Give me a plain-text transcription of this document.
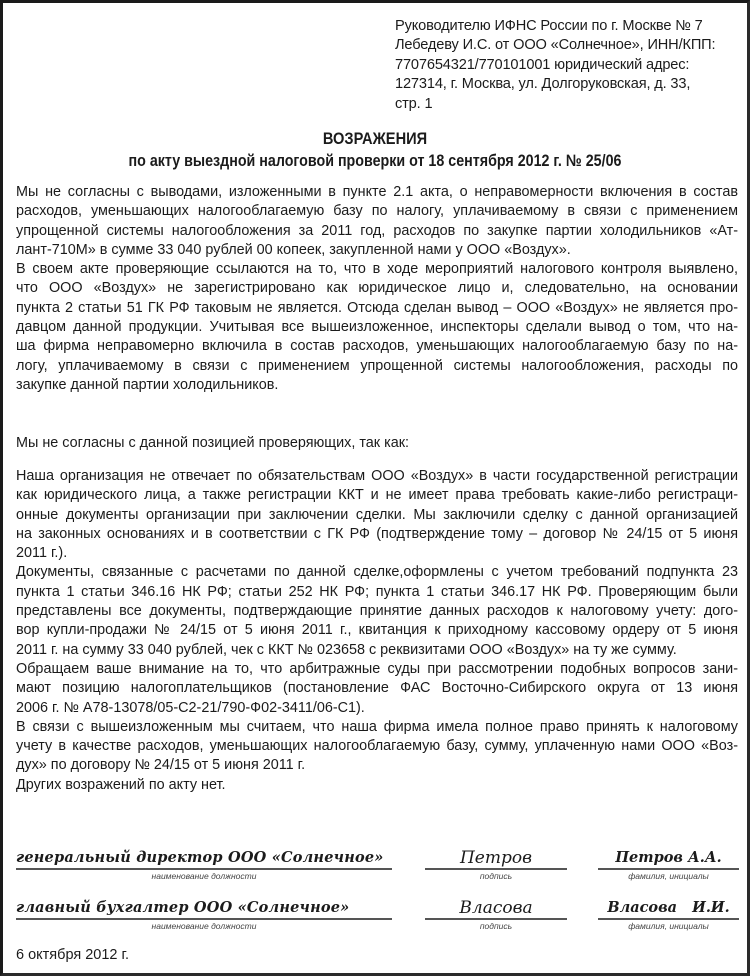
Руководителю ИФНС России по г. Москве № 7
Лебедеву И.С. от ООО «Солнечное», ИНН/КПП:
7707654321/770101001 юридический адрес:
127314, г. Москва, ул. Долгоруковская, д. 33,
стр. 1
ВОЗРАЖЕНИЯ
по акту выездной налоговой проверки от 18 сентября 2012 г. № 25/06
Мы не согласны с выводами, изложенными в пункте 2.1 акта, о неправомерности включения в состав
расходов, уменьшающих налогооблагаемую базу по налогу, уплачиваемому в связи с применением
упрощенной системы налогообложения за 2011 год, расходов по закупке партии холодильников «Ат-
лант-710М» в сумме 33 040 рублей 00 копеек, закупленной нами у ООО «Воздух».
В своем акте проверяющие ссылаются на то, что в ходе мероприятий налогового контроля выявлено,
что ООО «Воздух» не зарегистрировано как юридическое лицо и, следовательно, на основании
пункта 2 статьи 51 ГК РФ таковым не является. Отсюда сделан вывод – ООО «Воздух» не является про-
давцом данной продукции. Учитывая все вышеизложенное, инспекторы сделали вывод о том, что на-
ша фирма неправомерно включила в состав расходов, уменьшающих налогооблагаемую базу по на-
логу, уплачиваемому в связи с применением упрощенной системы налогообложения, расходы по
закупке данной партии холодильников.
Мы не согласны с данной позицией проверяющих, так как:
Наша организация не отвечает по обязательствам ООО «Воздух» в части государственной регистрации
как юридического лица, а также регистрации ККТ и не имеет права требовать какие-либо регистраци-
онные документы организации при заключении сделки. Мы заключили сделку с данной организацией
на законных основаниях и в соответствии с ГК РФ (подтверждение тому – договор № 24/15 от 5 июня
2011 г.).
Документы, связанные с расчетами по данной сделке,оформлены с учетом требований подпункта 23
пункта 1 статьи 346.16 НК РФ; статьи 252 НК РФ; пункта 1 статьи 346.17 НК РФ. Проверяющим были
представлены все документы, подтверждающие принятие данных расходов к налоговому учету: дого-
вор купли-продажи № 24/15 от 5 июня 2011 г., квитанция к приходному кассовому ордеру от 5 июня
2011 г. на сумму 33 040 рублей, чек с ККТ № 023658 с реквизитами ООО «Воздух» на ту же сумму.
Обращаем ваше внимание на то, что арбитражные суды при рассмотрении подобных вопросов зани-
мают позицию налогоплательщиков (постановление ФАС Восточно-Сибирского округа от 13 июня
2006 г. № А78-13078/05-С2-21/790-Ф02-3411/06-С1).
В связи с вышеизложенным мы считаем, что наша фирма имела полное право принять к налоговому
учету в качестве расходов, уменьшающих налогооблагаемую базу, сумму, уплаченную нами ООО «Воз-
дух» по договору № 24/15 от 5 июня 2011 г.
Других возражений по акту нет.
генеральный директор ООО «Солнечное»
наименование должности
Петров
подпись
Петров А.А.
фамилия, инициалы
главный бухгалтер ООО «Солнечное»
наименование должности
Власова
подпись
Власова   И.И.
фамилия, инициалы
6 октября 2012 г.
